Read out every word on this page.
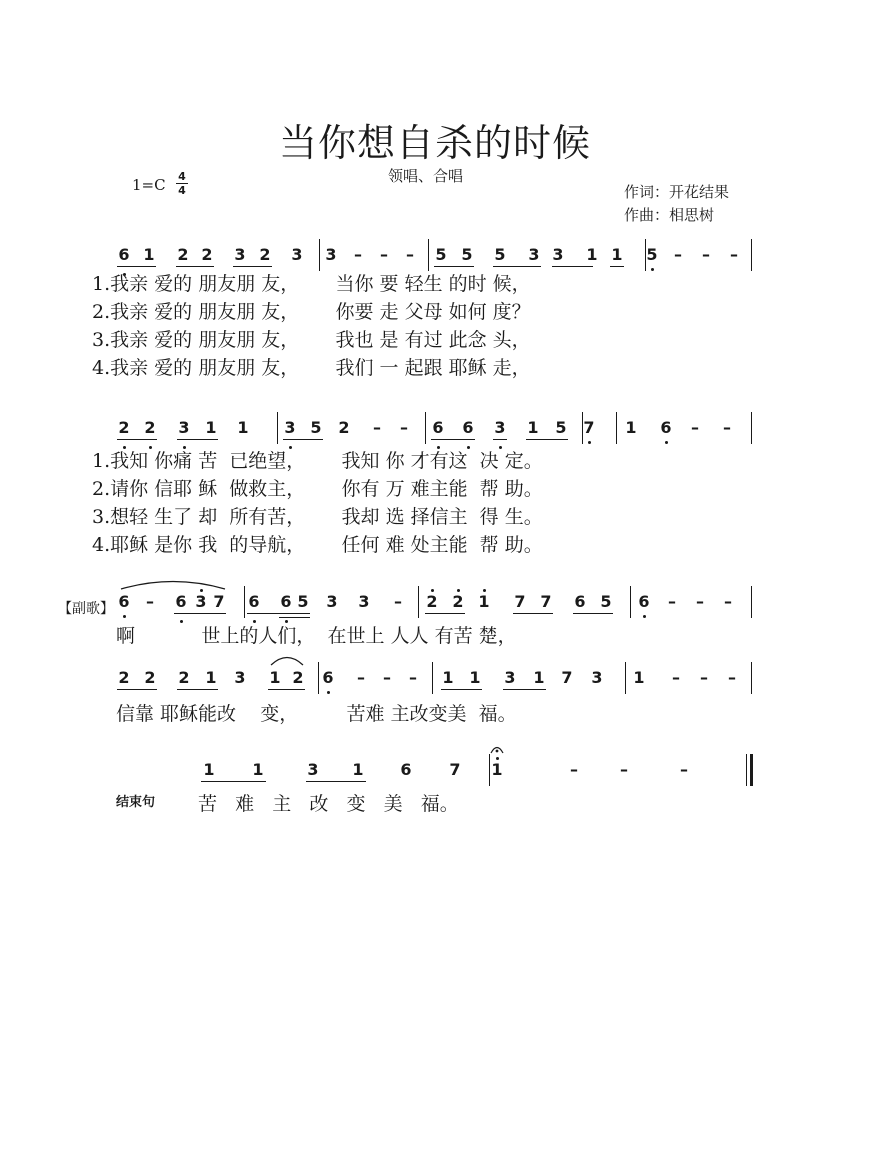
当你想自杀的时候
领唱、合唱
1=C 4
4	作词：开花结果
作曲：相思树
6 1 2 2 3 2 3 3 – – – 5 5 5 3 3 1 1 5 – – –
1.我亲 爱的 朋友朋 友，      当你 要 轻生 的时 候，
2.我亲 爱的 朋友朋 友，      你要 走 父母 如何 度？
3.我亲 爱的 朋友朋 友，      我也 是 有过 此念 头，
4.我亲 爱的 朋友朋 友，      我们 一 起跟 耶稣 走，
2 2 3 1 1 3 5 2 – – 6 6 3 1 5 7 1 6 – –
1.我知 你痛 苦  已绝望，      我知 你 才有这  决 定。
2.请你 信耶 稣  做救主，      你有 万 难主能  帮 助。
3.想轻 生了 却  所有苦，      我却 选 择信主  得 生。
4.耶稣 是你 我  的导航，      任何 难 处主能  帮 助。
【副歌】 6 – 6 3 7 6 6 5 3 3 – 2 2 1 7 7 6 5 6 – – –
啊           世上的人们，  在世上 人人 有苦 楚，
2 2 2 1 3 1 2 6 – – – 1 1 3 1 7 3 1 – – –
信靠 耶稣能改    变，        苦难 主改变美  福。
1 1	3 1 6 7 1	–	–	–
结束句 苦   难   主   改   变   美   福。
